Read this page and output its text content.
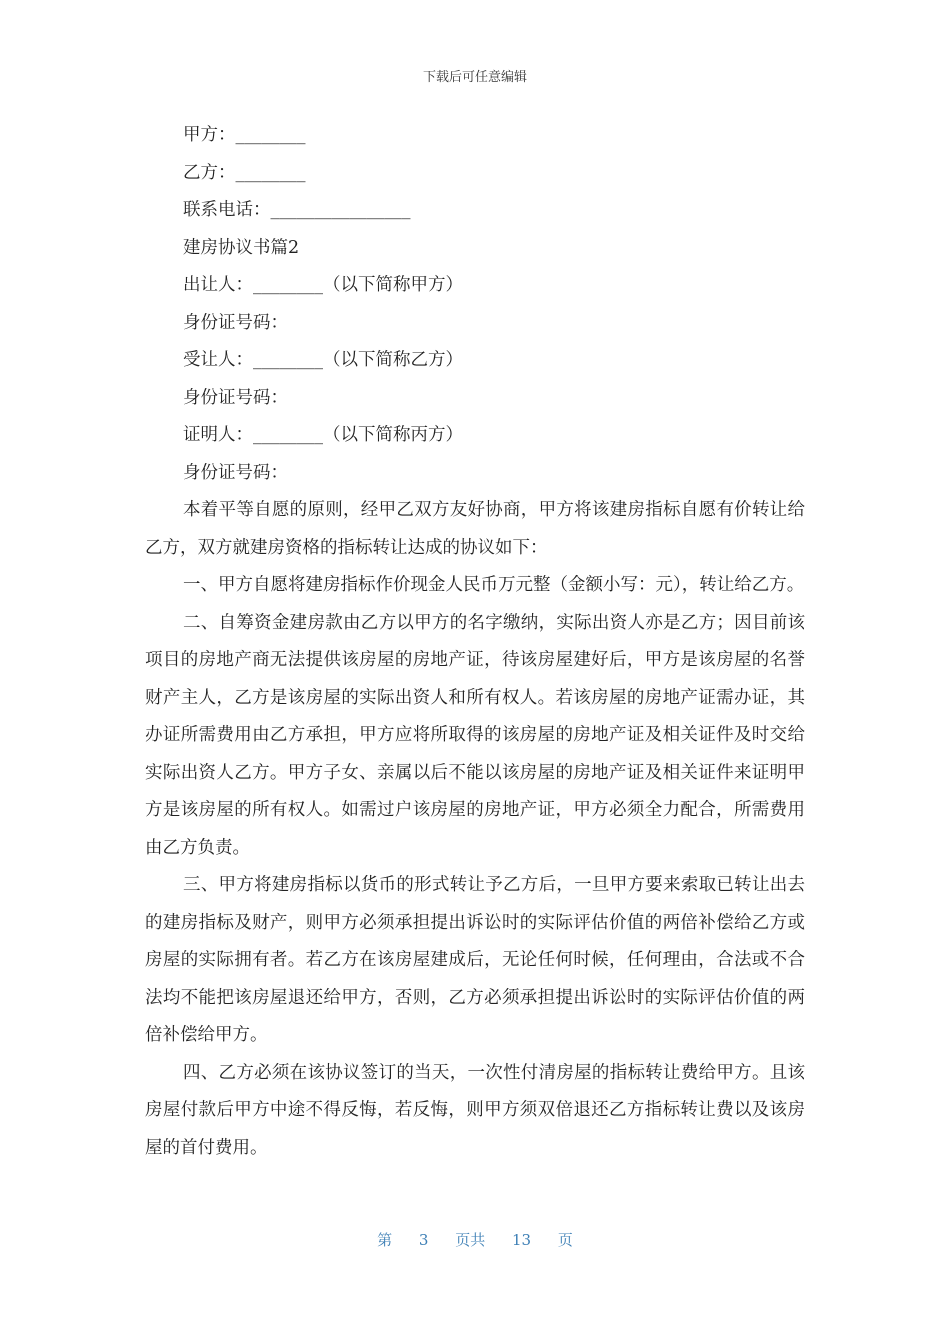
下载后可任意编辑
甲方：________
乙方：________
联系电话：________________
建房协议书篇2
出让人：________（以下简称甲方）
身份证号码：
受让人：________（以下简称乙方）
身份证号码：
证明人：________（以下简称丙方）
身份证号码：

本着平等自愿的原则，经甲乙双方友好协商，甲方将该建房指标自愿有价转让给乙方，双方就建房资格的指标转让达成的协议如下：

一、甲方自愿将建房指标作价现金人民币万元整（金额小写：元），转让给乙方。

二、自筹资金建房款由乙方以甲方的名字缴纳，实际出资人亦是乙方；因目前该项目的房地产商无法提供该房屋的房地产证，待该房屋建好后，甲方是该房屋的名誉财产主人，乙方是该房屋的实际出资人和所有权人。若该房屋的房地产证需办证，其办证所需费用由乙方承担，甲方应将所取得的该房屋的房地产证及相关证件及时交给实际出资人乙方。甲方子女、亲属以后不能以该房屋的房地产证及相关证件来证明甲方是该房屋的所有权人。如需过户该房屋的房地产证，甲方必须全力配合，所需费用由乙方负责。

三、甲方将建房指标以货币的形式转让予乙方后，一旦甲方要来索取已转让出去的建房指标及财产，则甲方必须承担提出诉讼时的实际评估价值的两倍补偿给乙方或房屋的实际拥有者。若乙方在该房屋建成后，无论任何时候，任何理由，合法或不合法均不能把该房屋退还给甲方，否则，乙方必须承担提出诉讼时的实际评估价值的两倍补偿给甲方。

四、乙方必须在该协议签订的当天，一次性付清房屋的指标转让费给甲方。且该房屋付款后甲方中途不得反悔，若反悔，则甲方须双倍退还乙方指标转让费以及该房屋的首付费用。

第 3 页共 13 页
